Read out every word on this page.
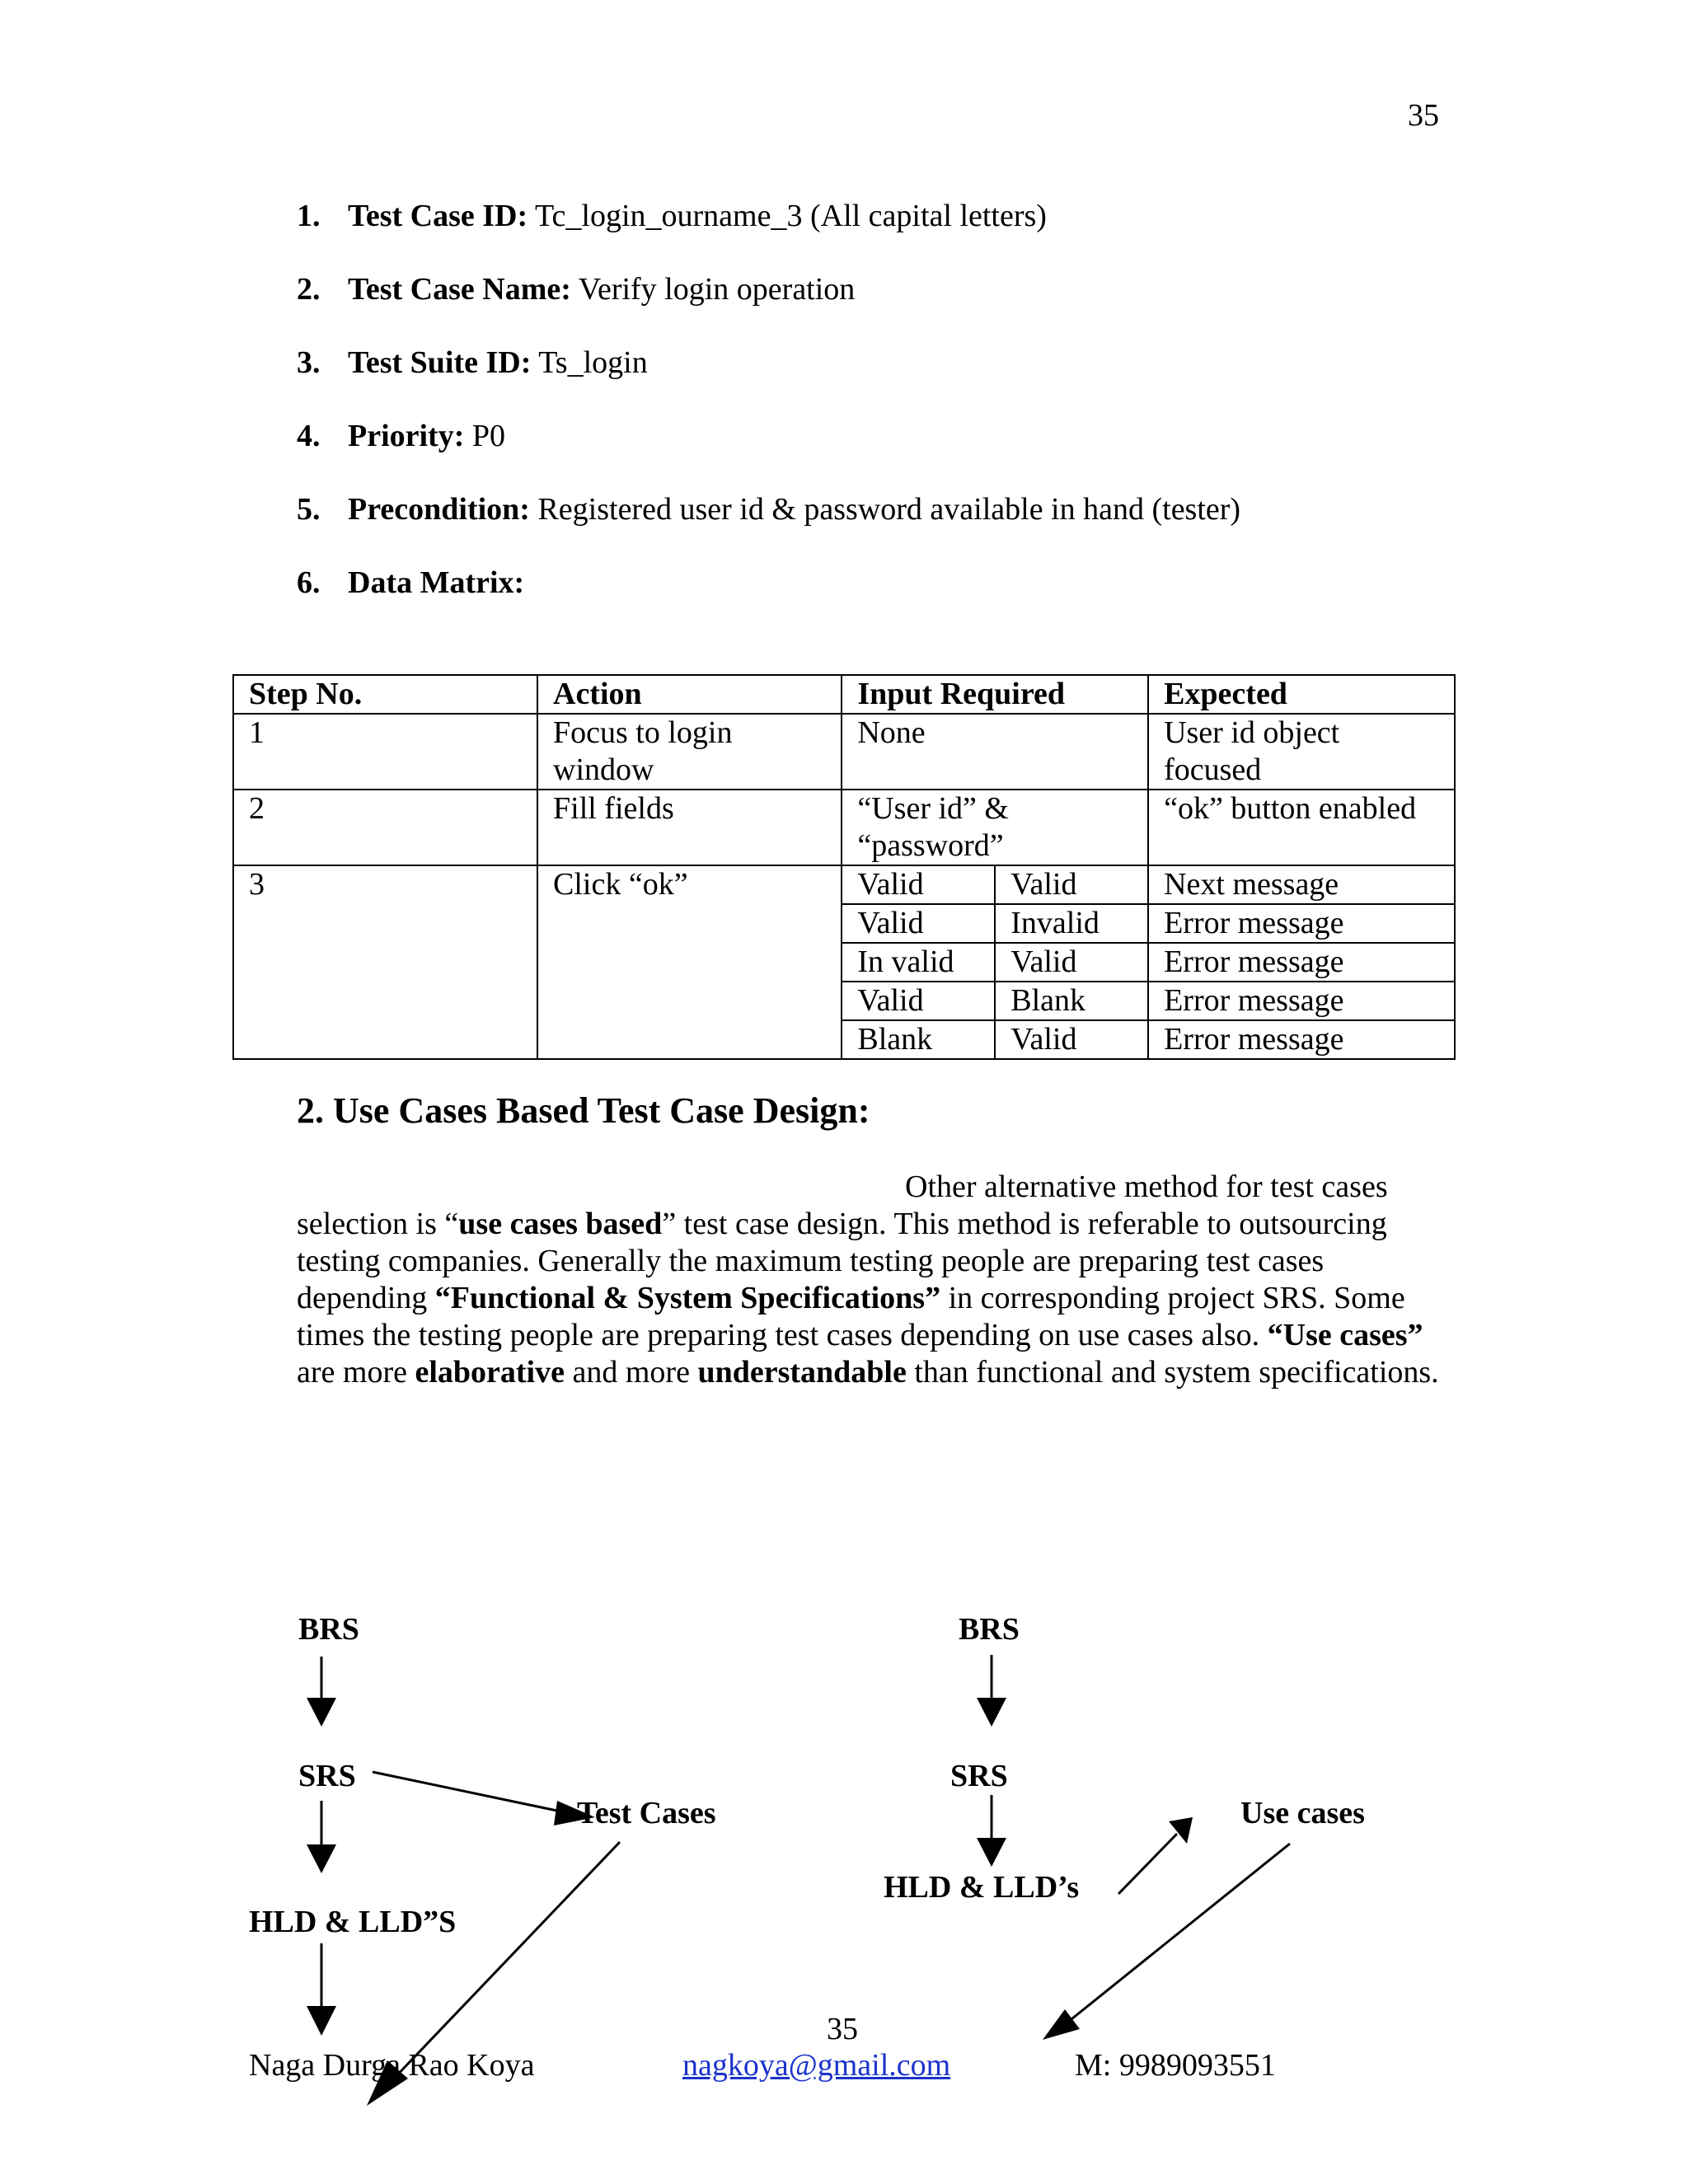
35
1. Test Case ID: Tc_login_ourname_3 (All capital letters)
2. Test Case Name: Verify login operation
3. Test Suite ID: Ts_login
4. Priority: P0
5. Precondition: Registered user id & password available in hand (tester)
6. Data Matrix:
Step No.	Action	Input Required		Expected
1	Focus to login window	None		User id object focused
2	Fill fields	“User id” & “password”		“ok” button enabled
3	Click “ok”	Valid	Valid	Next message
		Valid	Invalid	Error message
		In valid	Valid	Error message
		Valid	Blank	Error message
		Blank	Valid	Error message
2. Use Cases Based Test Case Design:

Other alternative method for test cases

selection is “use cases based” test case design. This method is referable to outsourcing testing companies. Generally the maximum testing people are preparing test cases depending “Functional & System Specifications” in corresponding project SRS. Some times the testing people are preparing test cases depending on use cases also. “Use cases” are more elaborative and more understandable than functional and system specifications.

BRS
SRS
HLD & LLD”S
Test Cases
BRS
SRS
HLD & LLD’s
Use cases
35
Naga Durga Rao Koya	nagkoya@gmail.com	M: 9989093551
